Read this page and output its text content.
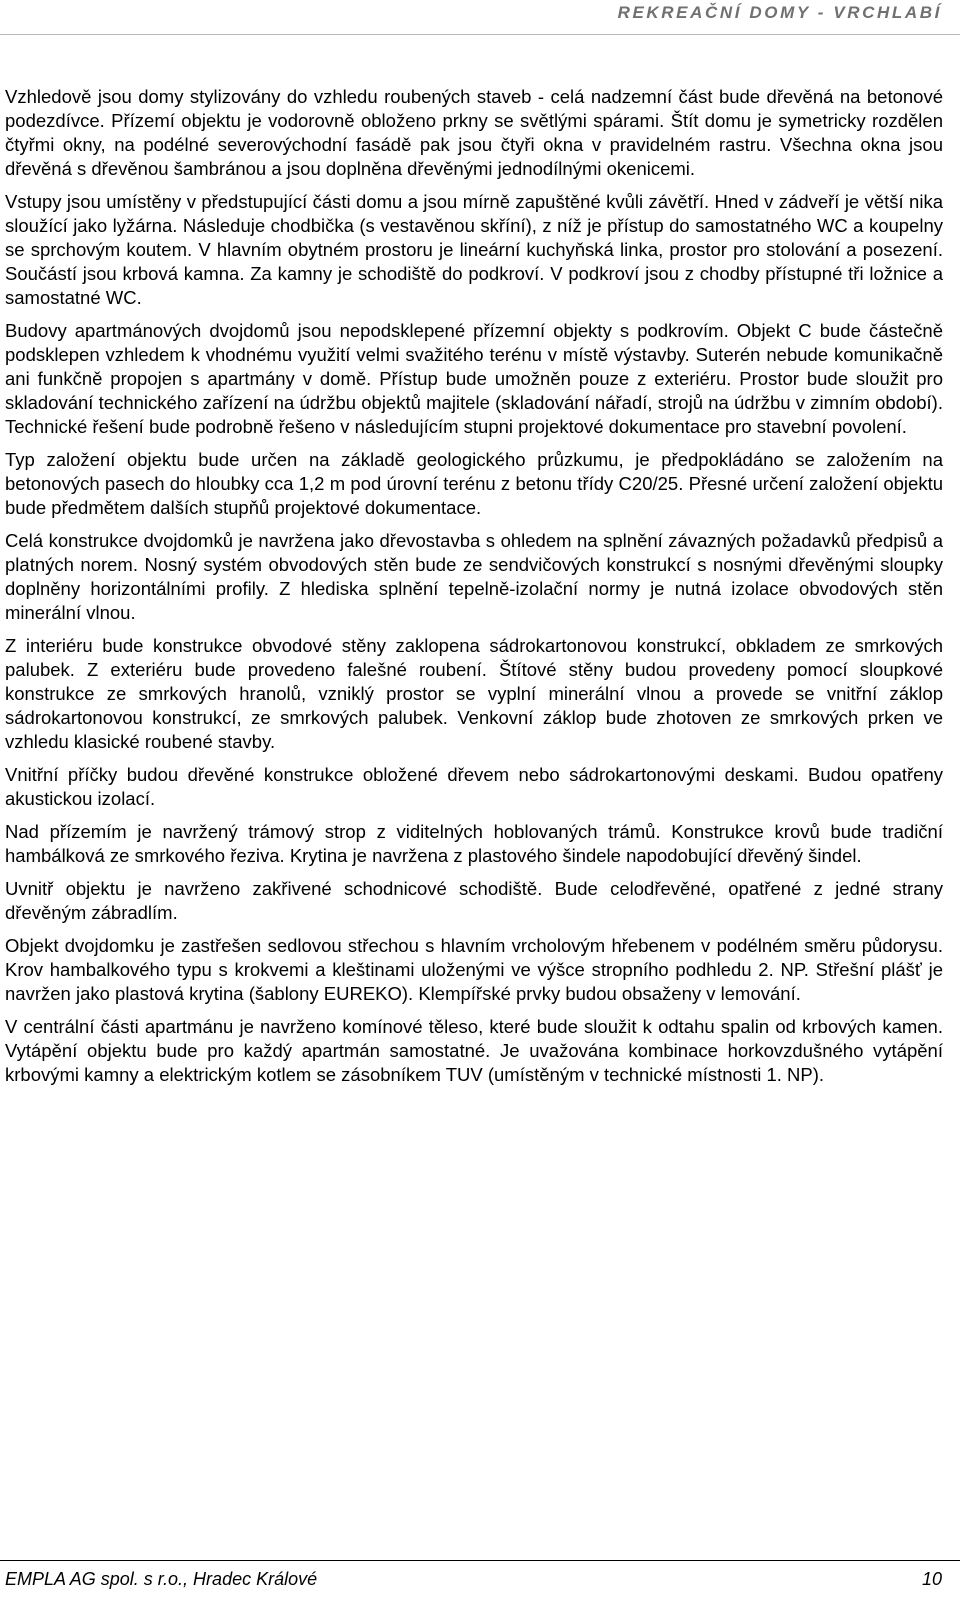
REKREAČNÍ DOMY - VRCHLABÍ

Vzhledově jsou domy stylizovány do vzhledu roubených staveb - celá nadzemní část bude dřevěná na betonové podezdívce. Přízemí objektu je vodorovně obloženo prkny se světlými spárami. Štít domu je symetricky rozdělen čtyřmi okny, na podélné severovýchodní fasádě pak jsou čtyři okna v pravidelném rastru. Všechna okna jsou dřevěná s dřevěnou šambránou a jsou doplněna dřevěnými jednodílnými okenicemi.

Vstupy jsou umístěny v předstupující části domu a jsou mírně zapuštěné kvůli závětří. Hned v zádveří je větší nika sloužící jako lyžárna. Následuje chodbička (s vestavěnou skříní), z níž je přístup do samostatného WC a koupelny se sprchovým koutem. V hlavním obytném prostoru je lineární kuchyňská linka, prostor pro stolování a posezení. Součástí jsou krbová kamna. Za kamny je schodiště do podkroví. V podkroví jsou z chodby přístupné tři ložnice a samostatné WC.

Budovy apartmánových dvojdomů jsou nepodsklepené přízemní objekty s podkrovím. Objekt C bude částečně podsklepen vzhledem k vhodnému využití velmi svažitého terénu v místě výstavby. Suterén nebude komunikačně ani funkčně propojen s apartmány v domě. Přístup bude umožněn pouze z exteriéru. Prostor bude sloužit pro skladování technického zařízení na údržbu objektů majitele (skladování nářadí, strojů na údržbu v zimním období). Technické řešení bude podrobně řešeno v následujícím stupni projektové dokumentace pro stavební povolení.

Typ založení objektu bude určen na základě geologického průzkumu, je předpokládáno se založením na betonových pasech do hloubky cca 1,2 m pod úrovní terénu z betonu třídy C20/25. Přesné určení založení objektu bude předmětem dalších stupňů projektové dokumentace.

Celá konstrukce dvojdomků je navržena jako dřevostavba s ohledem na splnění závazných požadavků předpisů a platných norem. Nosný systém obvodových stěn bude ze sendvičových konstrukcí s nosnými dřevěnými sloupky doplněny horizontálními profily. Z hlediska splnění tepelně-izolační normy je nutná izolace obvodových stěn minerální vlnou.

Z interiéru bude konstrukce obvodové stěny zaklopena sádrokartonovou konstrukcí, obkladem ze smrkových palubek. Z exteriéru bude provedeno falešné roubení. Štítové stěny budou provedeny pomocí sloupkové konstrukce ze smrkových hranolů, vzniklý prostor se vyplní minerální vlnou a provede se vnitřní záklop sádrokartonovou konstrukcí, ze smrkových palubek. Venkovní záklop bude zhotoven ze smrkových prken ve vzhledu klasické roubené stavby.

Vnitřní příčky budou dřevěné konstrukce obložené dřevem nebo sádrokartonovými deskami. Budou opatřeny akustickou izolací.

Nad přízemím je navržený trámový strop z viditelných hoblovaných trámů. Konstrukce krovů bude tradiční hambálková ze smrkového řeziva. Krytina je navržena z plastového šindele napodobující dřevěný šindel.

Uvnitř objektu je navrženo zakřivené schodnicové schodiště. Bude celodřevěné, opatřené z jedné strany dřevěným zábradlím.

Objekt dvojdomku je zastřešen sedlovou střechou s hlavním vrcholovým hřebenem v podélném směru půdorysu. Krov hambalkového typu s krokvemi a kleštinami uloženými ve výšce stropního podhledu 2. NP. Střešní plášť je navržen jako plastová krytina (šablony EUREKO). Klempířské prvky budou obsaženy v lemování.

V centrální části apartmánu je navrženo komínové těleso, které bude sloužit k odtahu spalin od krbových kamen. Vytápění objektu bude pro každý apartmán samostatné. Je uvažována kombinace horkovzdušného vytápění krbovými kamny a elektrickým kotlem se zásobníkem TUV (umístěným v technické místnosti 1. NP).

EMPLA AG spol. s r.o., Hradec Králové	10
